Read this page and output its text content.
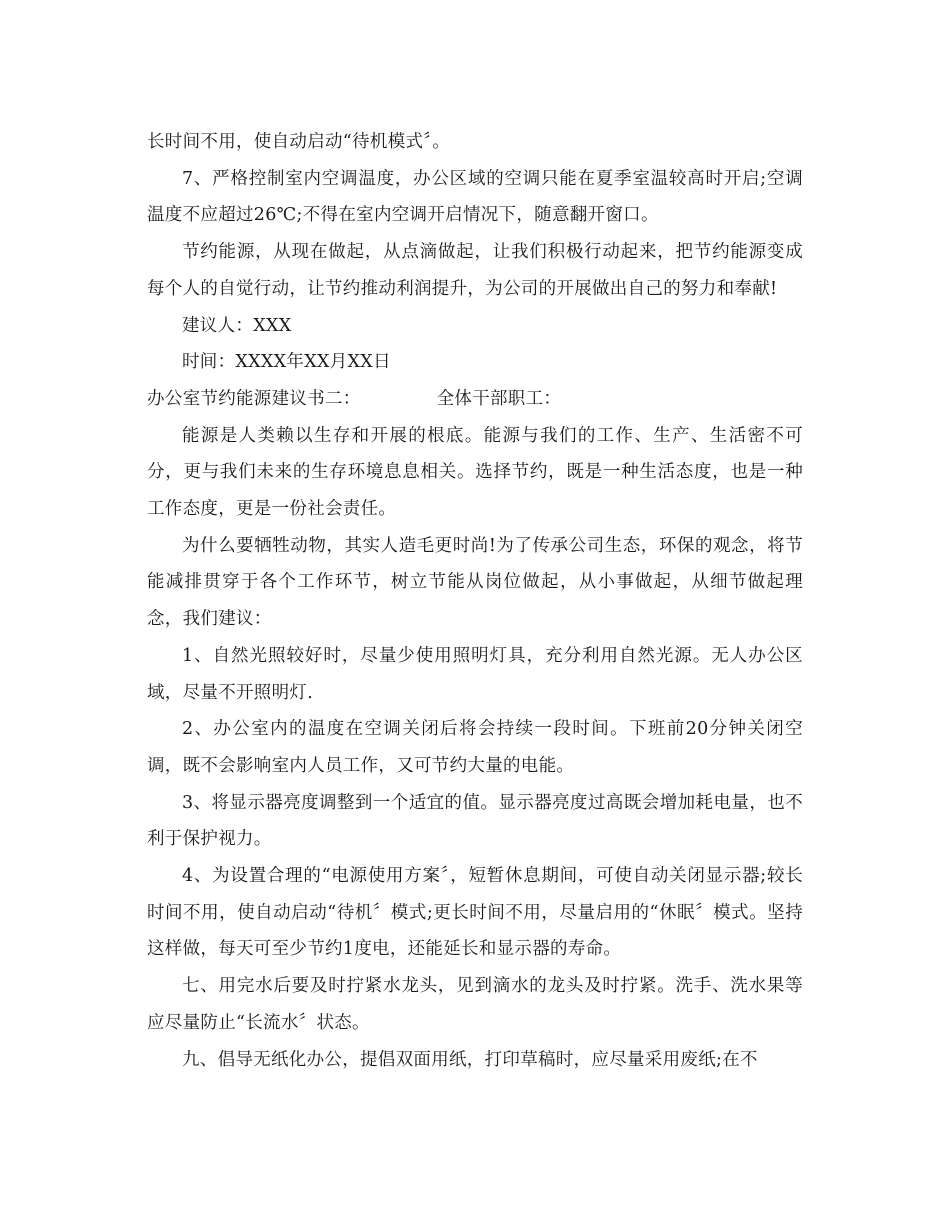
长时间不用，使自动启动“待机模式〞。

7、严格控制室内空调温度，办公区域的空调只能在夏季室温较高时开启;空调温度不应超过26℃;不得在室内空调开启情况下，随意翻开窗口。

节约能源，从现在做起，从点滴做起，让我们积极行动起来，把节约能源变成每个人的自觉行动，让节约推动利润提升，为公司的开展做出自己的努力和奉献!

建议人：XXX

时间：XXXX年XX月XX日

办公室节约能源建议书二：	全体干部职工：

能源是人类赖以生存和开展的根底。能源与我们的工作、生产、生活密不可分，更与我们未来的生存环境息息相关。选择节约，既是一种生活态度，也是一种工作态度，更是一份社会责任。

为什么要牺牲动物，其实人造毛更时尚!为了传承公司生态，环保的观念，将节能减排贯穿于各个工作环节，树立节能从岗位做起，从小事做起，从细节做起理念，我们建议：

1、自然光照较好时，尽量少使用照明灯具，充分利用自然光源。无人办公区域，尽量不开照明灯.

2、办公室内的温度在空调关闭后将会持续一段时间。下班前20分钟关闭空调，既不会影响室内人员工作，又可节约大量的电能。

3、将显示器亮度调整到一个适宜的值。显示器亮度过高既会增加耗电量，也不利于保护视力。

4、为设置合理的“电源使用方案〞，短暂休息期间，可使自动关闭显示器;较长时间不用，使自动启动“待机〞模式;更长时间不用，尽量启用的“休眠〞模式。坚持这样做，每天可至少节约1度电，还能延长和显示器的寿命。

七、用完水后要及时拧紧水龙头，见到滴水的龙头及时拧紧。洗手、洗水果等应尽量防止“长流水〞状态。

九、倡导无纸化办公，提倡双面用纸，打印草稿时，应尽量采用废纸;在不
